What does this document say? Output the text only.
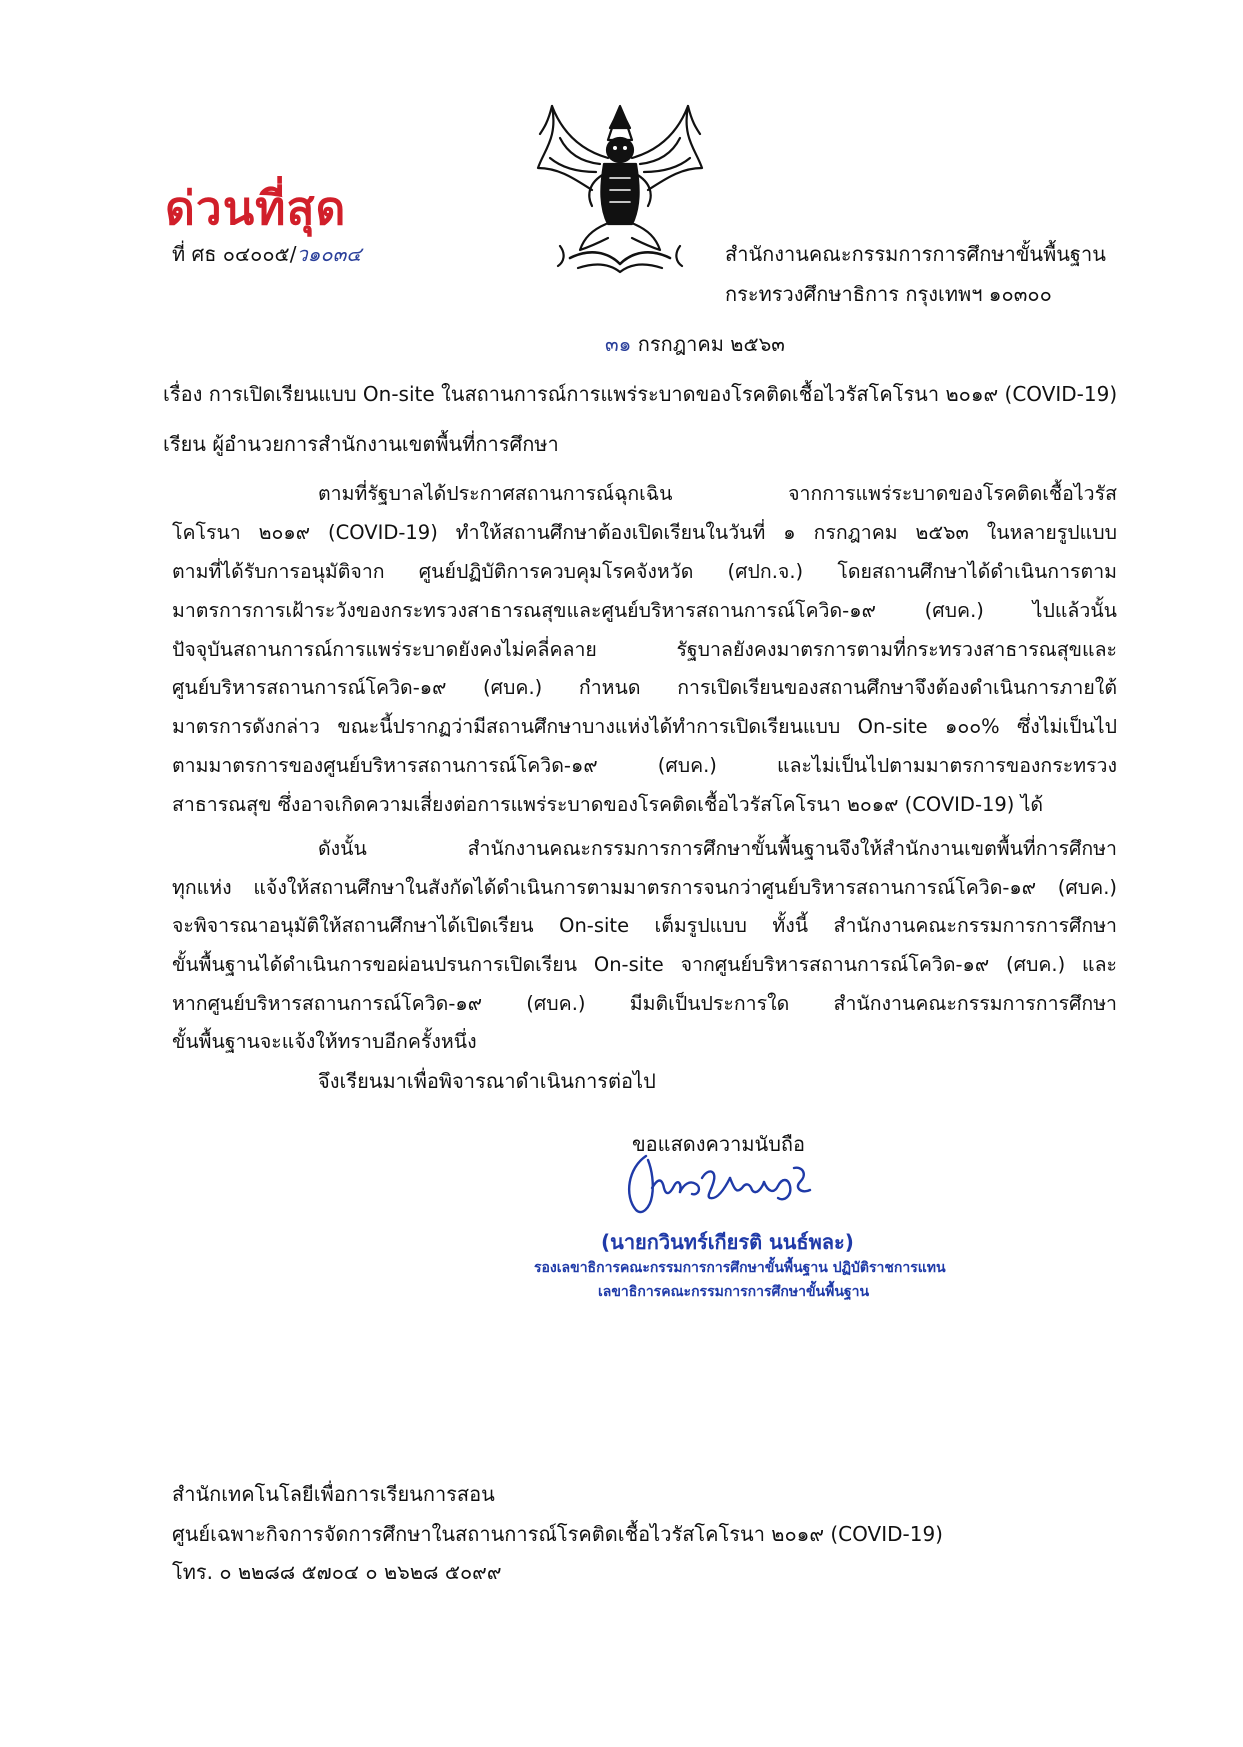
ด่วนที่สุด
ที่ ศธ ๐๔๐๐๕/ว๑๐๓๔	สำนักงานคณะกรรมการการศึกษาขั้นพื้นฐาน
กระทรวงศึกษาธิการ กรุงเทพฯ ๑๐๓๐๐
๓๑ กรกฎาคม ๒๕๖๓
เรื่อง การเปิดเรียนแบบ On-site ในสถานการณ์การแพร่ระบาดของโรคติดเชื้อไวรัสโคโรนา ๒๐๑๙ (COVID-19)
เรียน ผู้อำนวยการสำนักงานเขตพื้นที่การศึกษา
ตามที่รัฐบาลได้ประกาศสถานการณ์ฉุกเฉิน จากการแพร่ระบาดของโรคติดเชื้อไวรัส
โคโรนา ๒๐๑๙ (COVID-19) ทำให้สถานศึกษาต้องเปิดเรียนในวันที่ ๑ กรกฎาคม ๒๕๖๓ ในหลายรูปแบบ
ตามที่ได้รับการอนุมัติจาก ศูนย์ปฏิบัติการควบคุมโรคจังหวัด (ศปก.จ.) โดยสถานศึกษาได้ดำเนินการตาม
มาตรการการเฝ้าระวังของกระทรวงสาธารณสุขและศูนย์บริหารสถานการณ์โควิด-๑๙ (ศบค.) ไปแล้วนั้น
ปัจจุบันสถานการณ์การแพร่ระบาดยังคงไม่คลี่คลาย รัฐบาลยังคงมาตรการตามที่กระทรวงสาธารณสุขและ
ศูนย์บริหารสถานการณ์โควิด-๑๙ (ศบค.) กำหนด การเปิดเรียนของสถานศึกษาจึงต้องดำเนินการภายใต้
มาตรการดังกล่าว ขณะนี้ปรากฏว่ามีสถานศึกษาบางแห่งได้ทำการเปิดเรียนแบบ On-site ๑๐๐% ซึ่งไม่เป็นไป
ตามมาตรการของศูนย์บริหารสถานการณ์โควิด-๑๙ (ศบค.) และไม่เป็นไปตามมาตรการของกระทรวง
สาธารณสุข ซึ่งอาจเกิดความเสี่ยงต่อการแพร่ระบาดของโรคติดเชื้อไวรัสโคโรนา ๒๐๑๙ (COVID-19) ได้
ดังนั้น สำนักงานคณะกรรมการการศึกษาขั้นพื้นฐานจึงให้สำนักงานเขตพื้นที่การศึกษา
ทุกแห่ง แจ้งให้สถานศึกษาในสังกัดได้ดำเนินการตามมาตรการจนกว่าศูนย์บริหารสถานการณ์โควิด-๑๙ (ศบค.)
จะพิจารณาอนุมัติให้สถานศึกษาได้เปิดเรียน On-site เต็มรูปแบบ ทั้งนี้ สำนักงานคณะกรรมการการศึกษา
ขั้นพื้นฐานได้ดำเนินการขอผ่อนปรนการเปิดเรียน On-site จากศูนย์บริหารสถานการณ์โควิด-๑๙ (ศบค.) และ
หากศูนย์บริหารสถานการณ์โควิด-๑๙ (ศบค.) มีมติเป็นประการใด สำนักงานคณะกรรมการการศึกษา
ขั้นพื้นฐานจะแจ้งให้ทราบอีกครั้งหนึ่ง
จึงเรียนมาเพื่อพิจารณาดำเนินการต่อไป
ขอแสดงความนับถือ
(นายกวินทร์เกียรติ นนธ์พละ)
รองเลขาธิการคณะกรรมการการศึกษาขั้นพื้นฐาน ปฏิบัติราชการแทน
เลขาธิการคณะกรรมการการศึกษาขั้นพื้นฐาน
สำนักเทคโนโลยีเพื่อการเรียนการสอน
ศูนย์เฉพาะกิจการจัดการศึกษาในสถานการณ์โรคติดเชื้อไวรัสโคโรนา ๒๐๑๙ (COVID-19)
โทร. ๐ ๒๒๘๘ ๕๗๐๔ ๐ ๒๖๒๘ ๕๐๙๙
